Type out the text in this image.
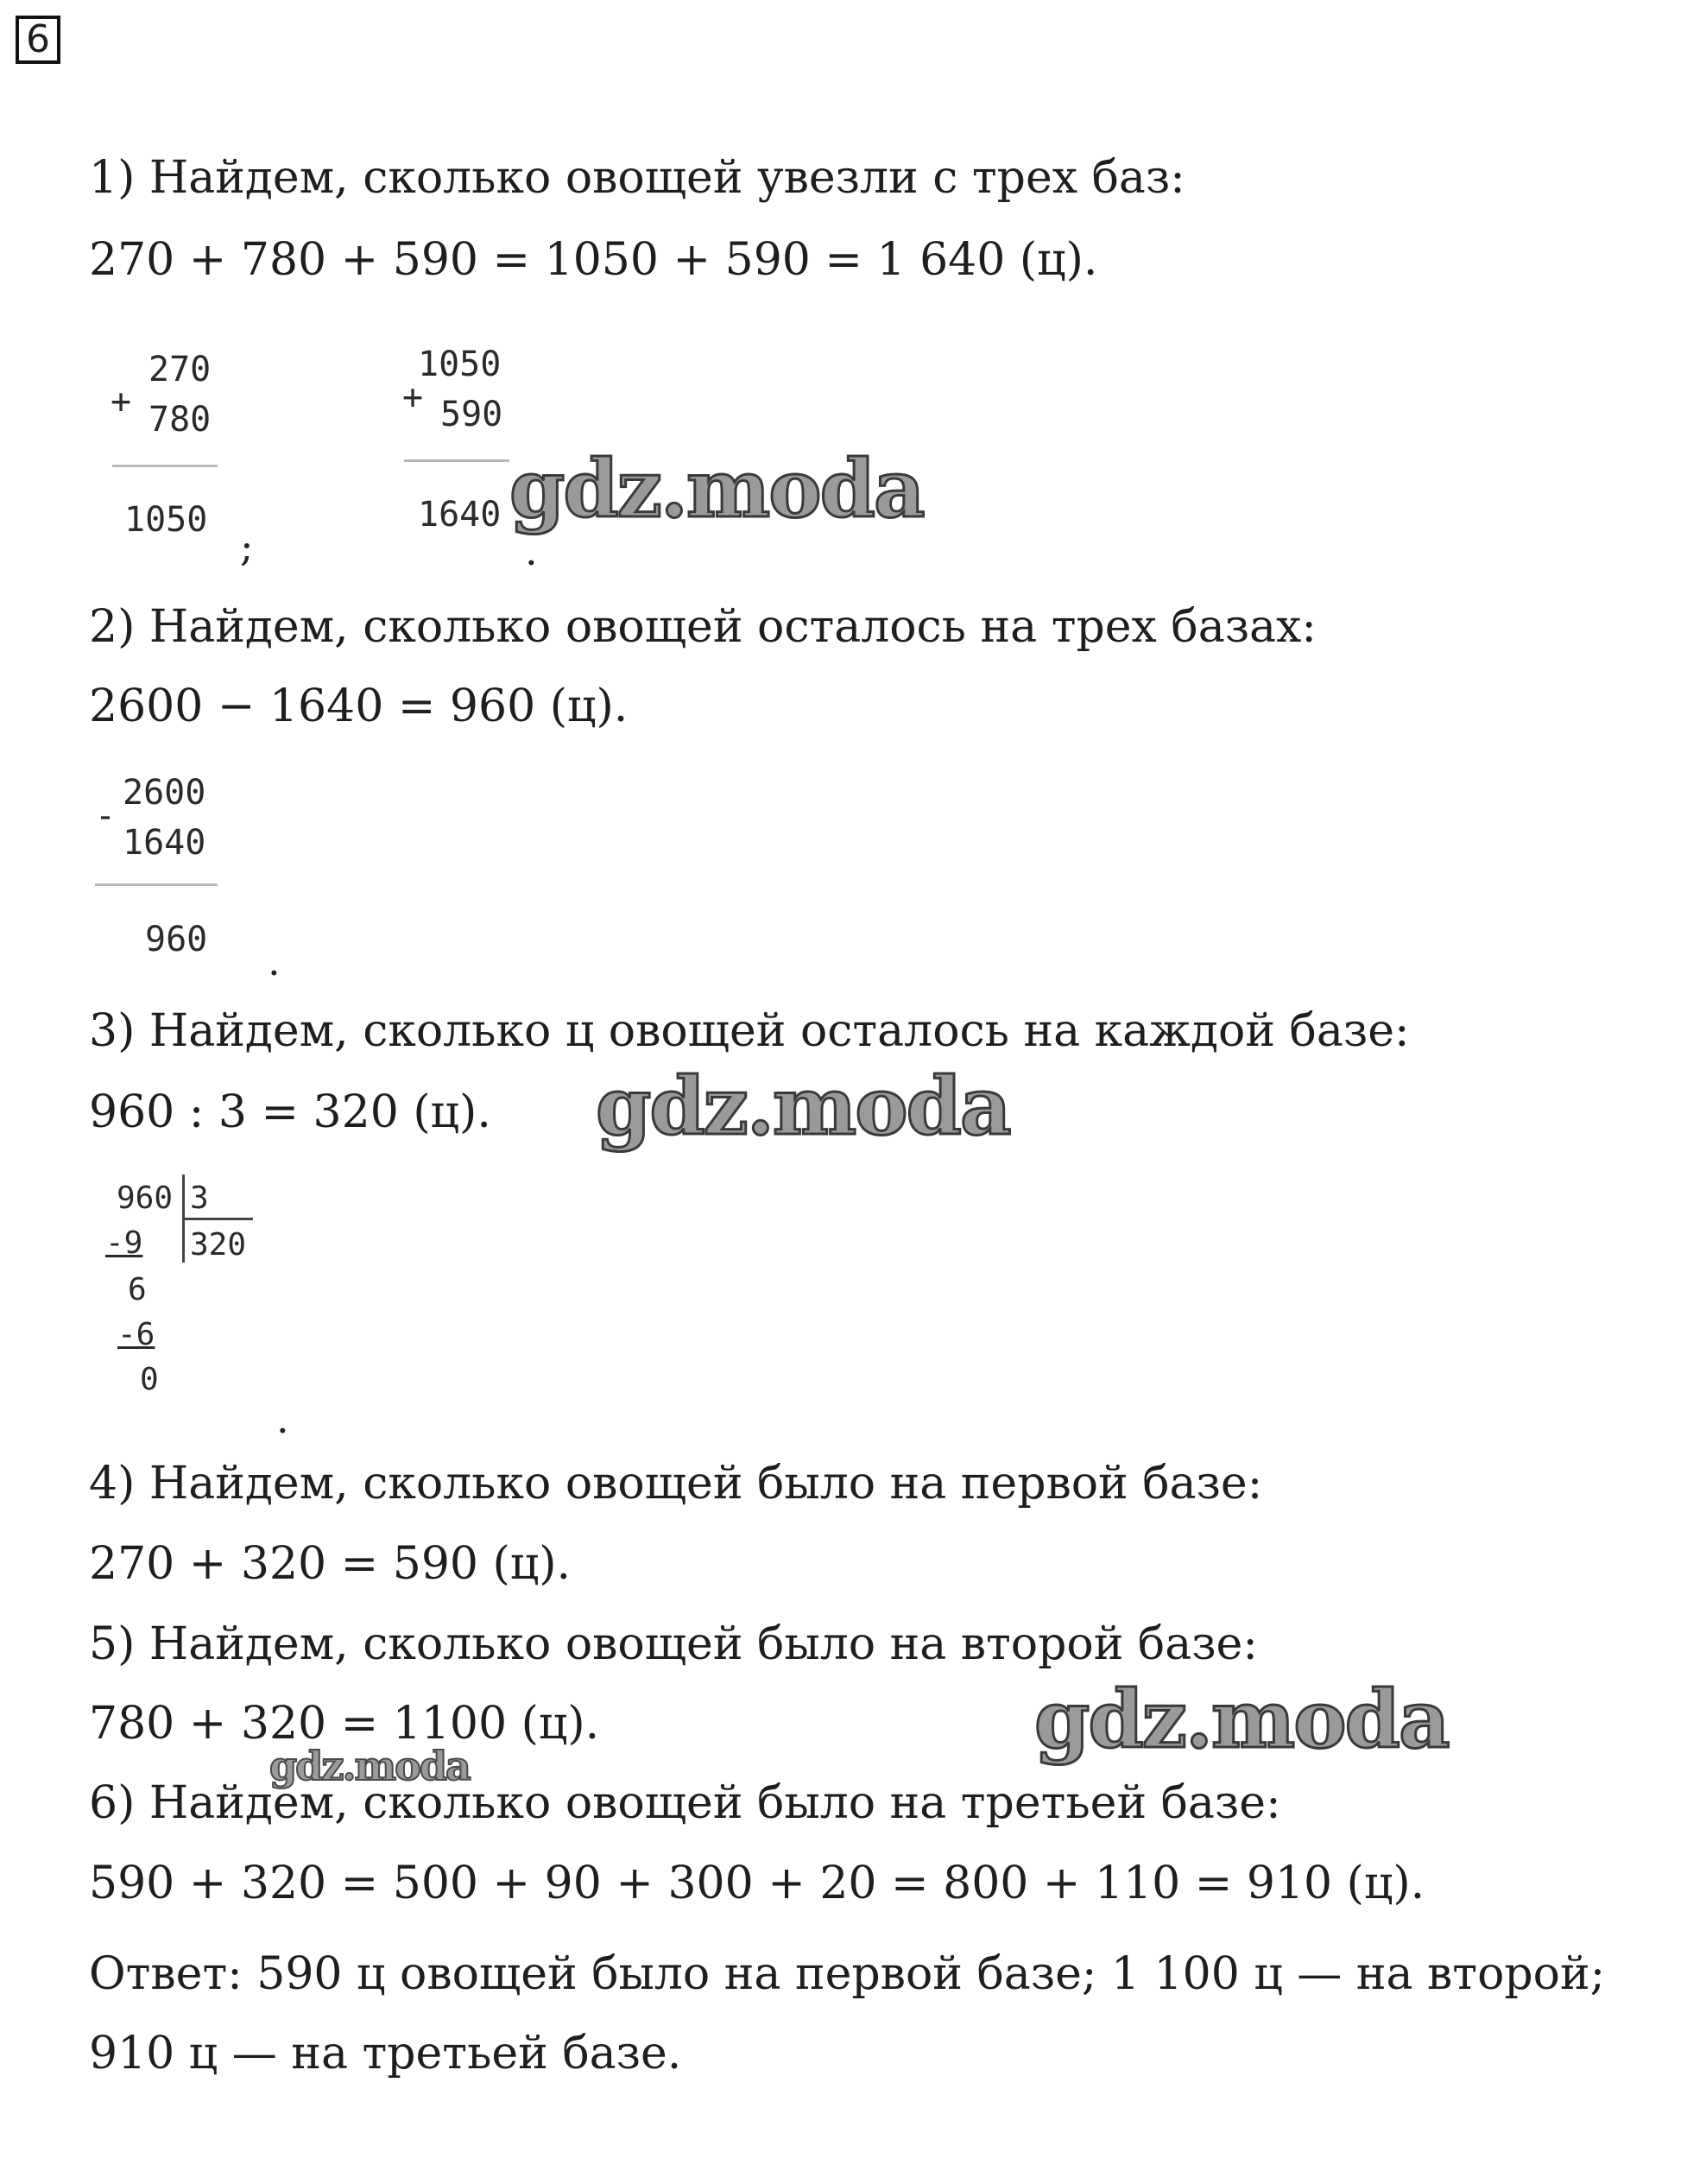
6
1) Найдем, сколько овощей увезли с трех баз:
270 + 780 + 590 = 1050 + 590 = 1 640 (ц).
+
270
780
1050
;
+
1050
590
1640
.
2) Найдем, сколько овощей осталось на трех базах:
2600 − 1640 = 960 (ц).
-
2600
1640
960 .
3) Найдем, сколько ц овощей осталось на каждой базе:
960 : 3 = 320 (ц).
960 3
320
-9
6
-6
0
.
4) Найдем, сколько овощей было на первой базе:
270 + 320 = 590 (ц).
5) Найдем, сколько овощей было на второй базе:
780 + 320 = 1100 (ц).
6) Найдем, сколько овощей было на третьей базе:
590 + 320 = 500 + 90 + 300 + 20 = 800 + 110 = 910 (ц).
Ответ: 590 ц овощей было на первой базе; 1 100 ц — на второй;
910 ц — на третьей базе.
gdz.moda
gdz.moda
gdz.moda
gdz.moda
